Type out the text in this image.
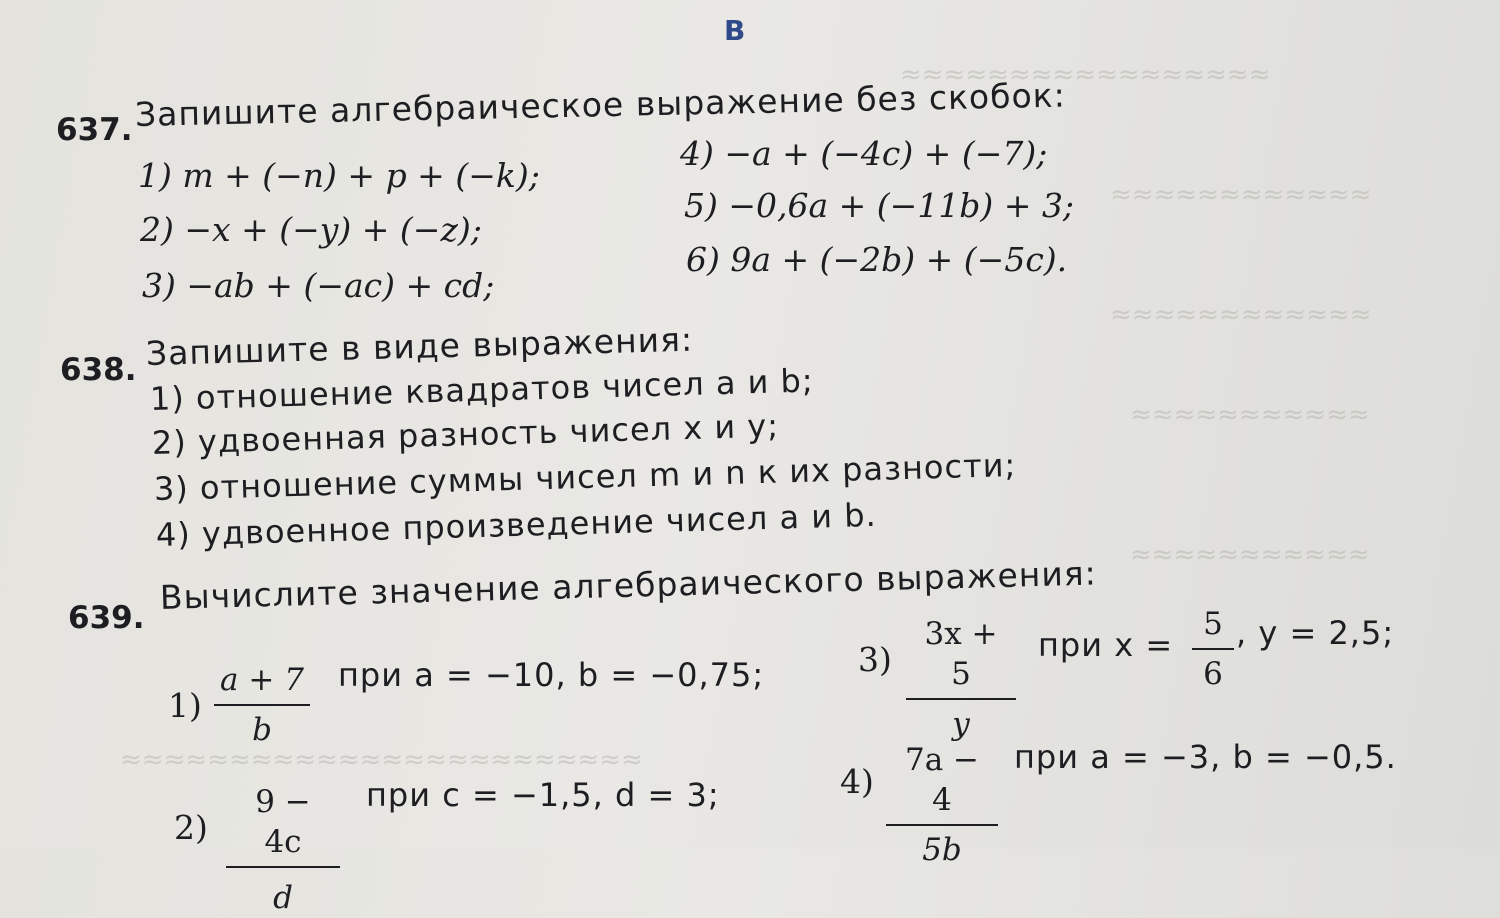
≈≈≈≈≈≈≈≈≈≈≈≈≈≈≈≈≈
≈≈≈≈≈≈≈≈≈≈≈≈
≈≈≈≈≈≈≈≈≈≈≈≈
≈≈≈≈≈≈≈≈≈≈≈
≈≈≈≈≈≈≈≈≈≈≈
≈≈≈≈≈≈≈≈≈≈≈≈≈≈≈≈≈≈≈≈≈≈≈≈
В
637. Запишите алгебраическое выражение без скобок:
1) m + (−n) + p + (−k);
2) −x + (−y) + (−z);
3) −ab + (−ac) + cd;
4) −a + (−4c) + (−7);
5) −0,6a + (−11b) + 3;
6) 9a + (−2b) + (−5c).
638. Запишите в виде выражения:
1) отношение квадратов чисел a и b;
2) удвоенная разность чисел x и y;
3) отношение суммы чисел m и n к их разности;
4) удвоенное произведение чисел a и b.
639.
Вычислите значение алгебраического выражения:
$1) \frac{a + 7}{b}$ при a = −10, b = −0,75;
$2) \frac{9 - 4c}{d}$ при c = −1,5, d = 3;
$3) \frac{3x + 5}{y}$ при $x = \frac{5}{6}$ , y = 2,5;
$4) \frac{7a - 4}{5b}$ при a = −3, b = −0,5.
